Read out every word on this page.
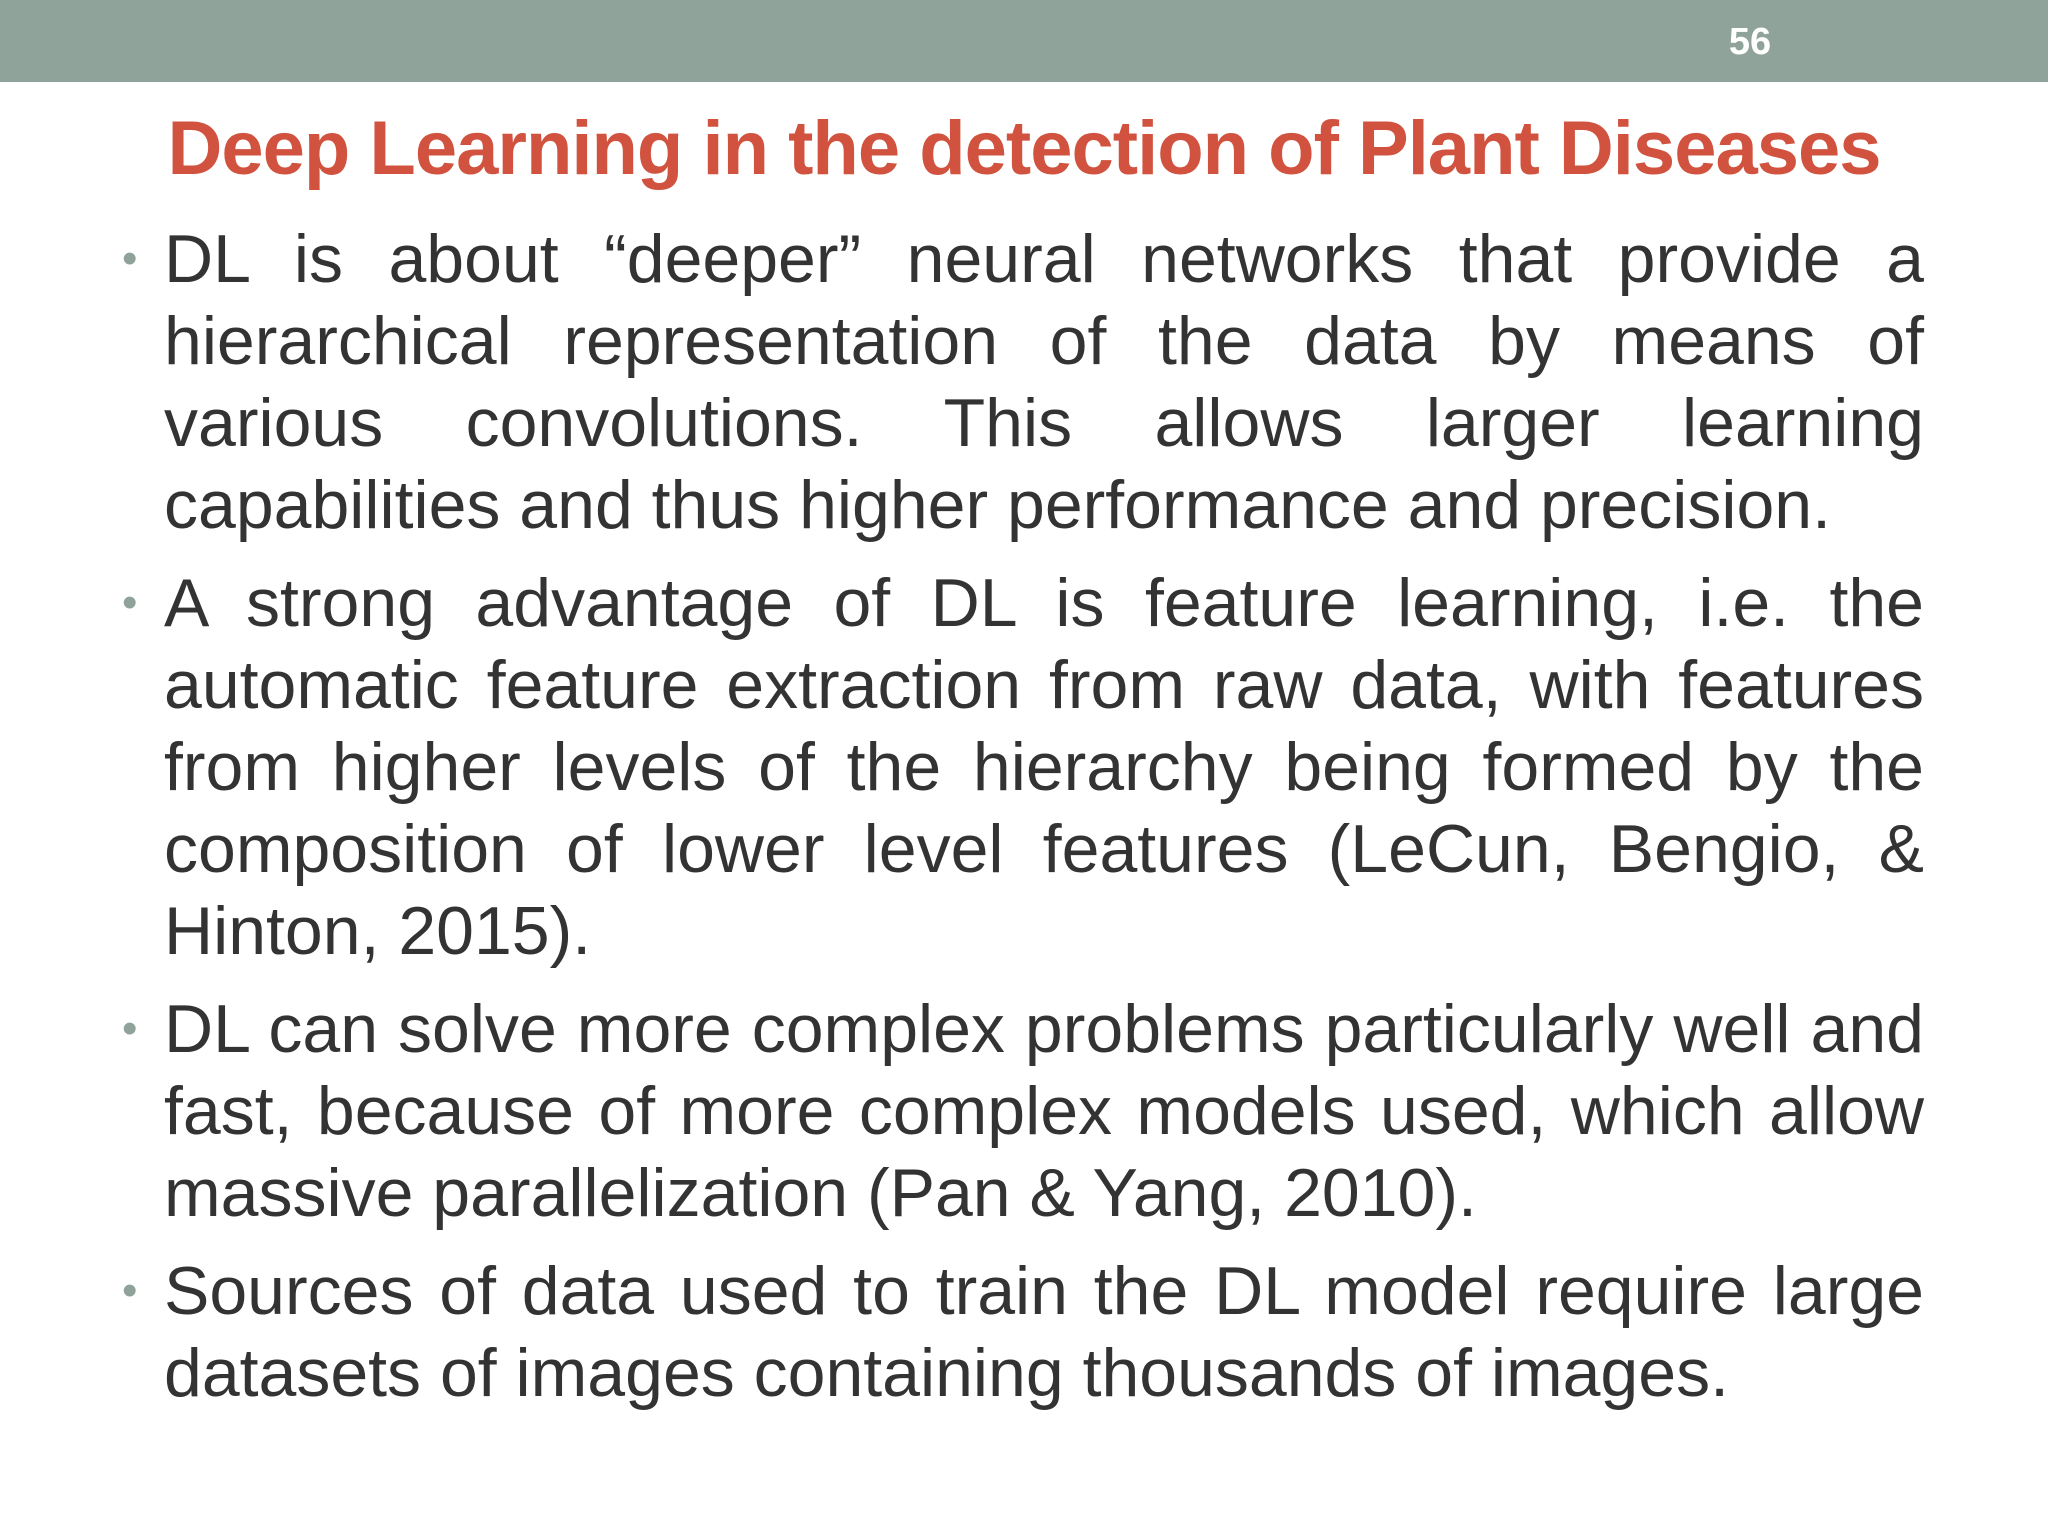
56
Deep Learning in the detection of Plant Diseases
• DL is about “deeper” neural networks that provide a hierarchical representation of the data by means of various convolutions. This allows larger learning capabilities and thus higher performance and precision.
• A strong advantage of DL is feature learning, i.e. the automatic feature extraction from raw data, with features from higher levels of the hierarchy being formed by the composition of lower level features (LeCun, Bengio, & Hinton, 2015).
• DL can solve more complex problems particularly well and fast, because of more complex models used, which allow massive parallelization (Pan & Yang, 2010).
• Sources of data used to train the DL model require large datasets of images containing thousands of images.
